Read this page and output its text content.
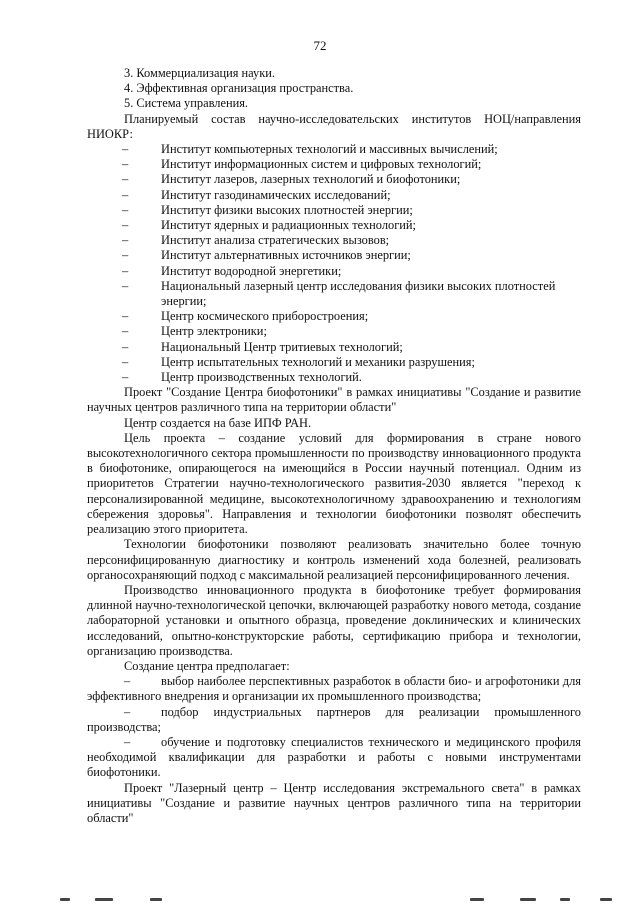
72

3. Коммерциализация науки.

4. Эффективная организация пространства.

5. Система управления.

Планируемый состав научно-исследовательских институтов НОЦ/направления НИОКР:

–	Институт компьютерных технологий и массивных вычислений;

–	Институт информационных систем и цифровых технологий;

–	Институт лазеров, лазерных технологий и биофотоники;

–	Институт газодинамических исследований;

–	Институт физики высоких плотностей энергии;

–	Институт ядерных и радиационных технологий;

–	Институт анализа стратегических вызовов;

–	Институт альтернативных источников энергии;

–	Институт водородной энергетики;

–	Национальный лазерный центр исследования физики высоких плотностей энергии;

–	Центр космического приборостроения;

–	Центр электроники;

–	Национальный Центр тритиевых технологий;

–	Центр испытательных технологий и механики разрушения;

–	Центр производственных технологий.

Проект "Создание Центра биофотоники" в рамках инициативы "Создание и развитие научных центров различного типа на территории области"

Центр создается на базе ИПФ РАН.

Цель проекта – создание условий для формирования в стране нового высокотехнологичного сектора промышленности по производству инновационного продукта в биофотонике, опирающегося на имеющийся в России научный потенциал. Одним из приоритетов Стратегии научно-технологического развития-2030 является "переход к персонализированной медицине, высокотехнологичному здравоохранению и технологиям сбережения здоровья". Направления и технологии биофотоники позволят обеспечить реализацию этого приоритета.

Технологии биофотоники позволяют реализовать значительно более точную персонифицированную диагностику и контроль изменений хода болезней, реализовать органосохраняющий подход с максимальной реализацией персонифицированного лечения.

Производство инновационного продукта в биофотонике требует формирования длинной научно-технологической цепочки, включающей разработку нового метода, создание лабораторной установки и опытного образца, проведение доклинических и клинических исследований, опытно-конструкторские работы, сертификацию прибора и технологии, организацию производства.

Создание центра предполагает:

– выбор наиболее перспективных разработок в области био- и агрофотоники для эффективного внедрения и организации их промышленного производства;

– подбор индустриальных партнеров для реализации промышленного производства;

– обучение и подготовку специалистов технического и медицинского профиля необходимой квалификации для разработки и работы с новыми инструментами биофотоники.

Проект "Лазерный центр – Центр исследования экстремального света" в рамках инициативы "Создание и развитие научных центров различного типа на территории области"
